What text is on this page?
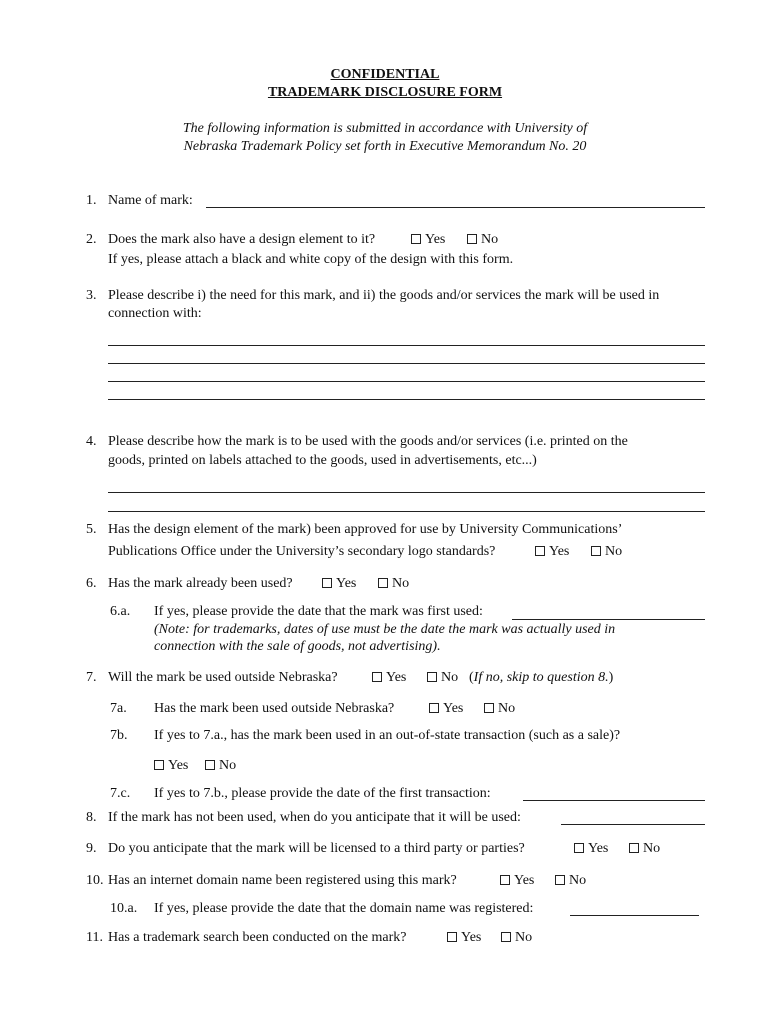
CONFIDENTIAL
TRADEMARK DISCLOSURE FORM
The following information is submitted in accordance with University of
Nebraska Trademark Policy set forth in Executive Memorandum No. 20
1. Name of mark:
2. Does the mark also have a design element to it?	Yes	No
If yes, please attach a black and white copy of the design with this form.
3. Please describe i) the need for this mark, and ii) the goods and/or services the mark will be used in
connection with:
4. Please describe how the mark is to be used with the goods and/or services (i.e. printed on the
goods, printed on labels attached to the goods, used in advertisements, etc...)
5. Has the design element of the mark) been approved for use by University Communications’
Publications Office under the University’s secondary logo standards?	Yes	No
6. Has the mark already been used?	Yes	No
6.a. If yes, please provide the date that the mark was first used:
(Note: for trademarks, dates of use must be the date the mark was actually used in
connection with the sale of goods, not advertising).
7. Will the mark be used outside Nebraska?	Yes	No (If no, skip to question 8.)
7a. Has the mark been used outside Nebraska?	Yes	No
7b. If yes to 7.a., has the mark been used in an out-of-state transaction (such as a sale)?
Yes	No
7.c. If yes to 7.b., please provide the date of the first transaction:
8. If the mark has not been used, when do you anticipate that it will be used:
9. Do you anticipate that the mark will be licensed to a third party or parties?	Yes	No
10. Has an internet domain name been registered using this mark?	Yes	No
10.a. If yes, please provide the date that the domain name was registered:
11. Has a trademark search been conducted on the mark?	Yes	No
